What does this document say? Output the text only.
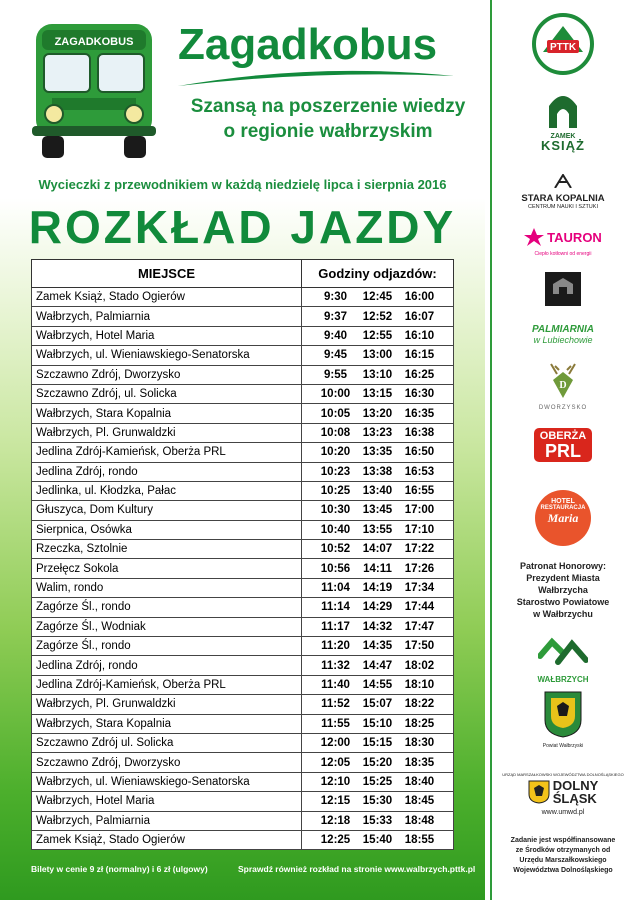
ZAGADKOBUS Zagadkobus
Szansą na poszerzenie wiedzy
o regionie wałbrzyskim
Wycieczki z przewodnikiem w każdą niedzielę lipca i sierpnia 2016
ROZKŁAD JAZDY
MIEJSCE	Godziny odjazdów:
Zamek Książ, Stado Ogierów	9:30 12:45 16:00
Wałbrzych, Palmiarnia	9:37 12:52 16:07
Wałbrzych, Hotel Maria	9:40 12:55 16:10
Wałbrzych, ul. Wieniawskiego-Senatorska	9:45 13:00 16:15
Szczawno Zdrój, Dworzysko	9:55 13:10 16:25
Szczawno Zdrój, ul. Solicka	10:00 13:15 16:30
Wałbrzych, Stara Kopalnia	10:05 13:20 16:35
Wałbrzych, Pl. Grunwaldzki	10:08 13:23 16:38
Jedlina Zdrój-Kamieńsk, Oberża PRL	10:20 13:35 16:50
Jedlina Zdrój, rondo	10:23 13:38 16:53
Jedlinka, ul. Kłodzka, Pałac	10:25 13:40 16:55
Głuszyca, Dom Kultury	10:30 13:45 17:00
Sierpnica, Osówka	10:40 13:55 17:10
Rzeczka, Sztolnie	10:52 14:07 17:22
Przełęcz Sokola	10:56 14:11 17:26
Walim, rondo	11:04 14:19 17:34
Zagórze Śl., rondo	11:14 14:29 17:44
Zagórze Śl., Wodniak	11:17 14:32 17:47
Zagórze Śl., rondo	11:20 14:35 17:50
Jedlina Zdrój, rondo	11:32 14:47 18:02
Jedlina Zdrój-Kamieńsk, Oberża PRL	11:40 14:55 18:10
Wałbrzych, Pl. Grunwaldzki	11:52 15:07 18:22
Wałbrzych, Stara Kopalnia	11:55 15:10 18:25
Szczawno Zdrój ul. Solicka	12:00 15:15 18:30
Szczawno Zdrój, Dworzysko	12:05 15:20 18:35
Wałbrzych, ul. Wieniawskiego-Senatorska	12:10 15:25 18:40
Wałbrzych, Hotel Maria	12:15 15:30 18:45
Wałbrzych, Palmiarnia	12:18 15:33 18:48
Zamek Książ, Stado Ogierów	12:25 15:40 18:55
Bilety w cenie 9 zł (normalny) i 6 zł (ulgowy)	Sprawdź również rozkład na stronie www.walbrzych.pttk.pl
PTTK
ZAMEK
KSIĄŻ
STARA KOPALNIA
CENTRUM NAUKI I SZTUKI
TAURON
Ciepło kotłowni od energii
PALMIARNIA
w Lubiechowie
D
DWORZYSKO
OBERŻA
PRL
HOTEL
RESTAURACJA
Maria
Patronat Honorowy:
Prezydent Miasta
Wałbrzycha
Starostwo Powiatowe
w Wałbrzychu
WAŁBRZYCH
Powiat Wałbrzyski
URZĄD MARSZAŁKOWSKI WOJEWÓDZTWA DOLNOŚLĄSKIEGO
DOLNY
ŚLĄSK
www.umwd.pl
Zadanie jest współfinansowane
ze Środków otrzymanych od
Urzędu Marszałkowskiego
Województwa Dolnośląskiego
